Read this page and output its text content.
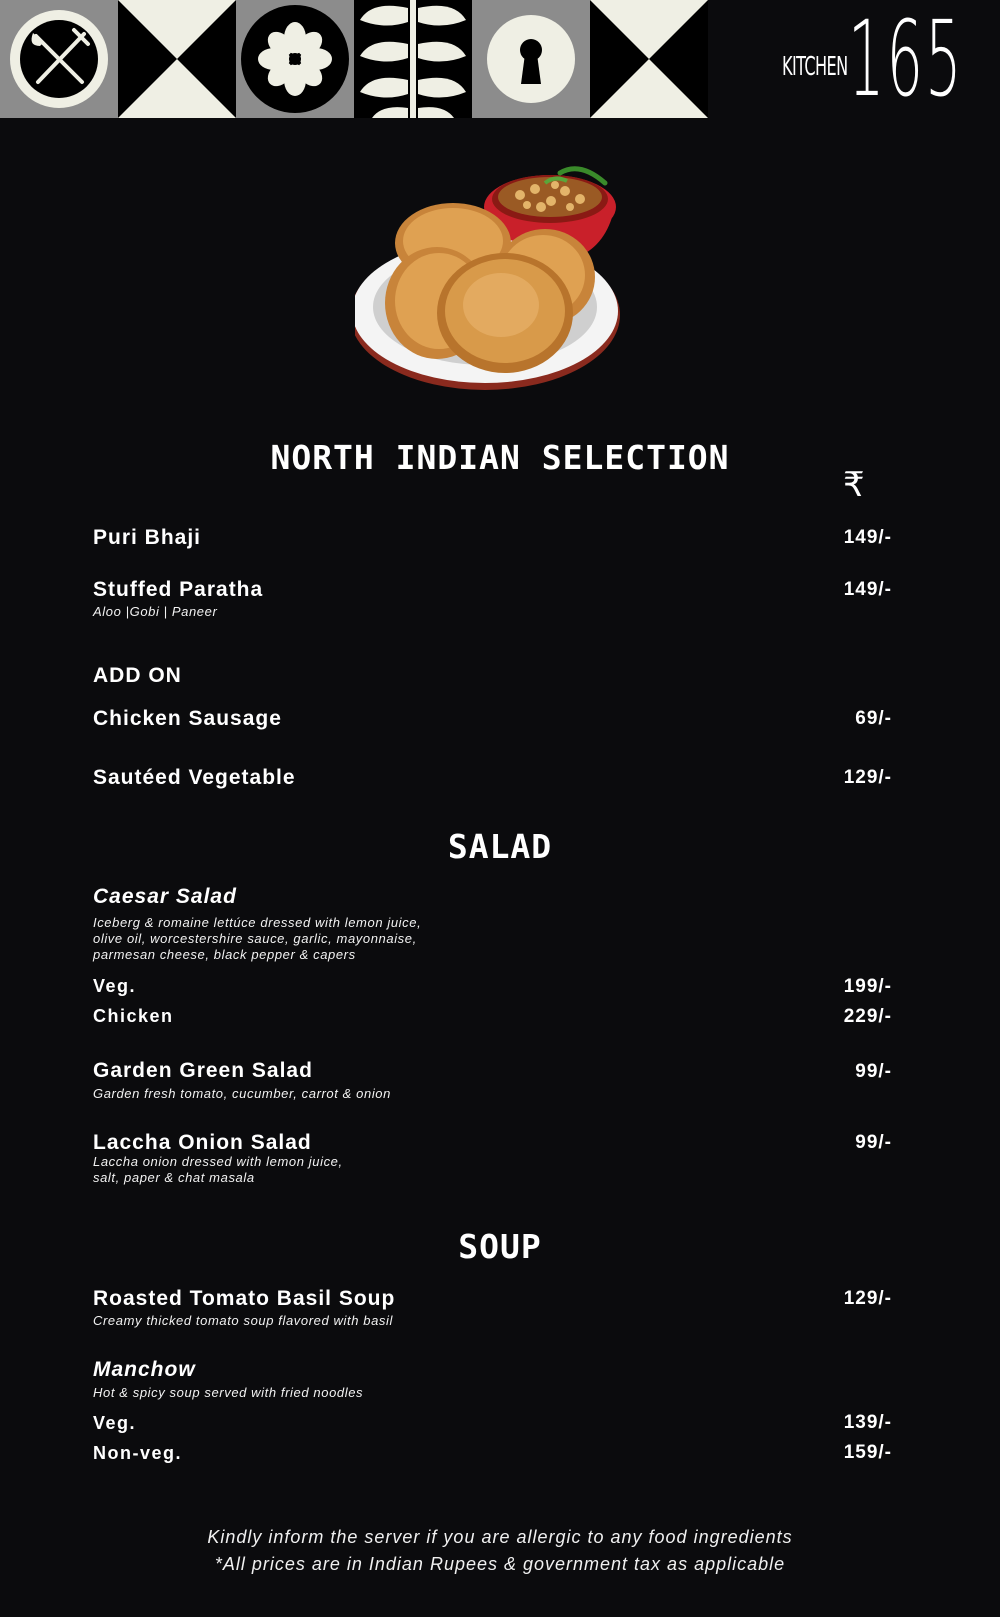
KITCHEN 165
NORTH INDIAN SELECTION
₹
Puri Bhaji	149/-
Stuffed Paratha	149/-
Aloo |Gobi | Paneer
ADD ON
Chicken Sausage	69/-
Sautéed Vegetable	129/-
SALAD
Caesar Salad
Iceberg & romaine lettúce dressed with lemon juice,
olive oil, worcestershire sauce, garlic, mayonnaise,
parmesan cheese, black pepper & capers
Veg.	199/-
Chicken	229/-
Garden Green Salad	99/-
Garden fresh tomato, cucumber, carrot & onion
Laccha Onion Salad	99/-
Laccha onion dressed with lemon juice,
salt, paper & chat masala
SOUP
Roasted Tomato Basil Soup	129/-
Creamy thicked tomato soup flavored with basil
Manchow
Hot & spicy soup served with fried noodles
Veg.	139/-
Non-veg.	159/-
Kindly inform the server if you are allergic to any food ingredients
*All prices are in Indian Rupees & government tax as applicable
